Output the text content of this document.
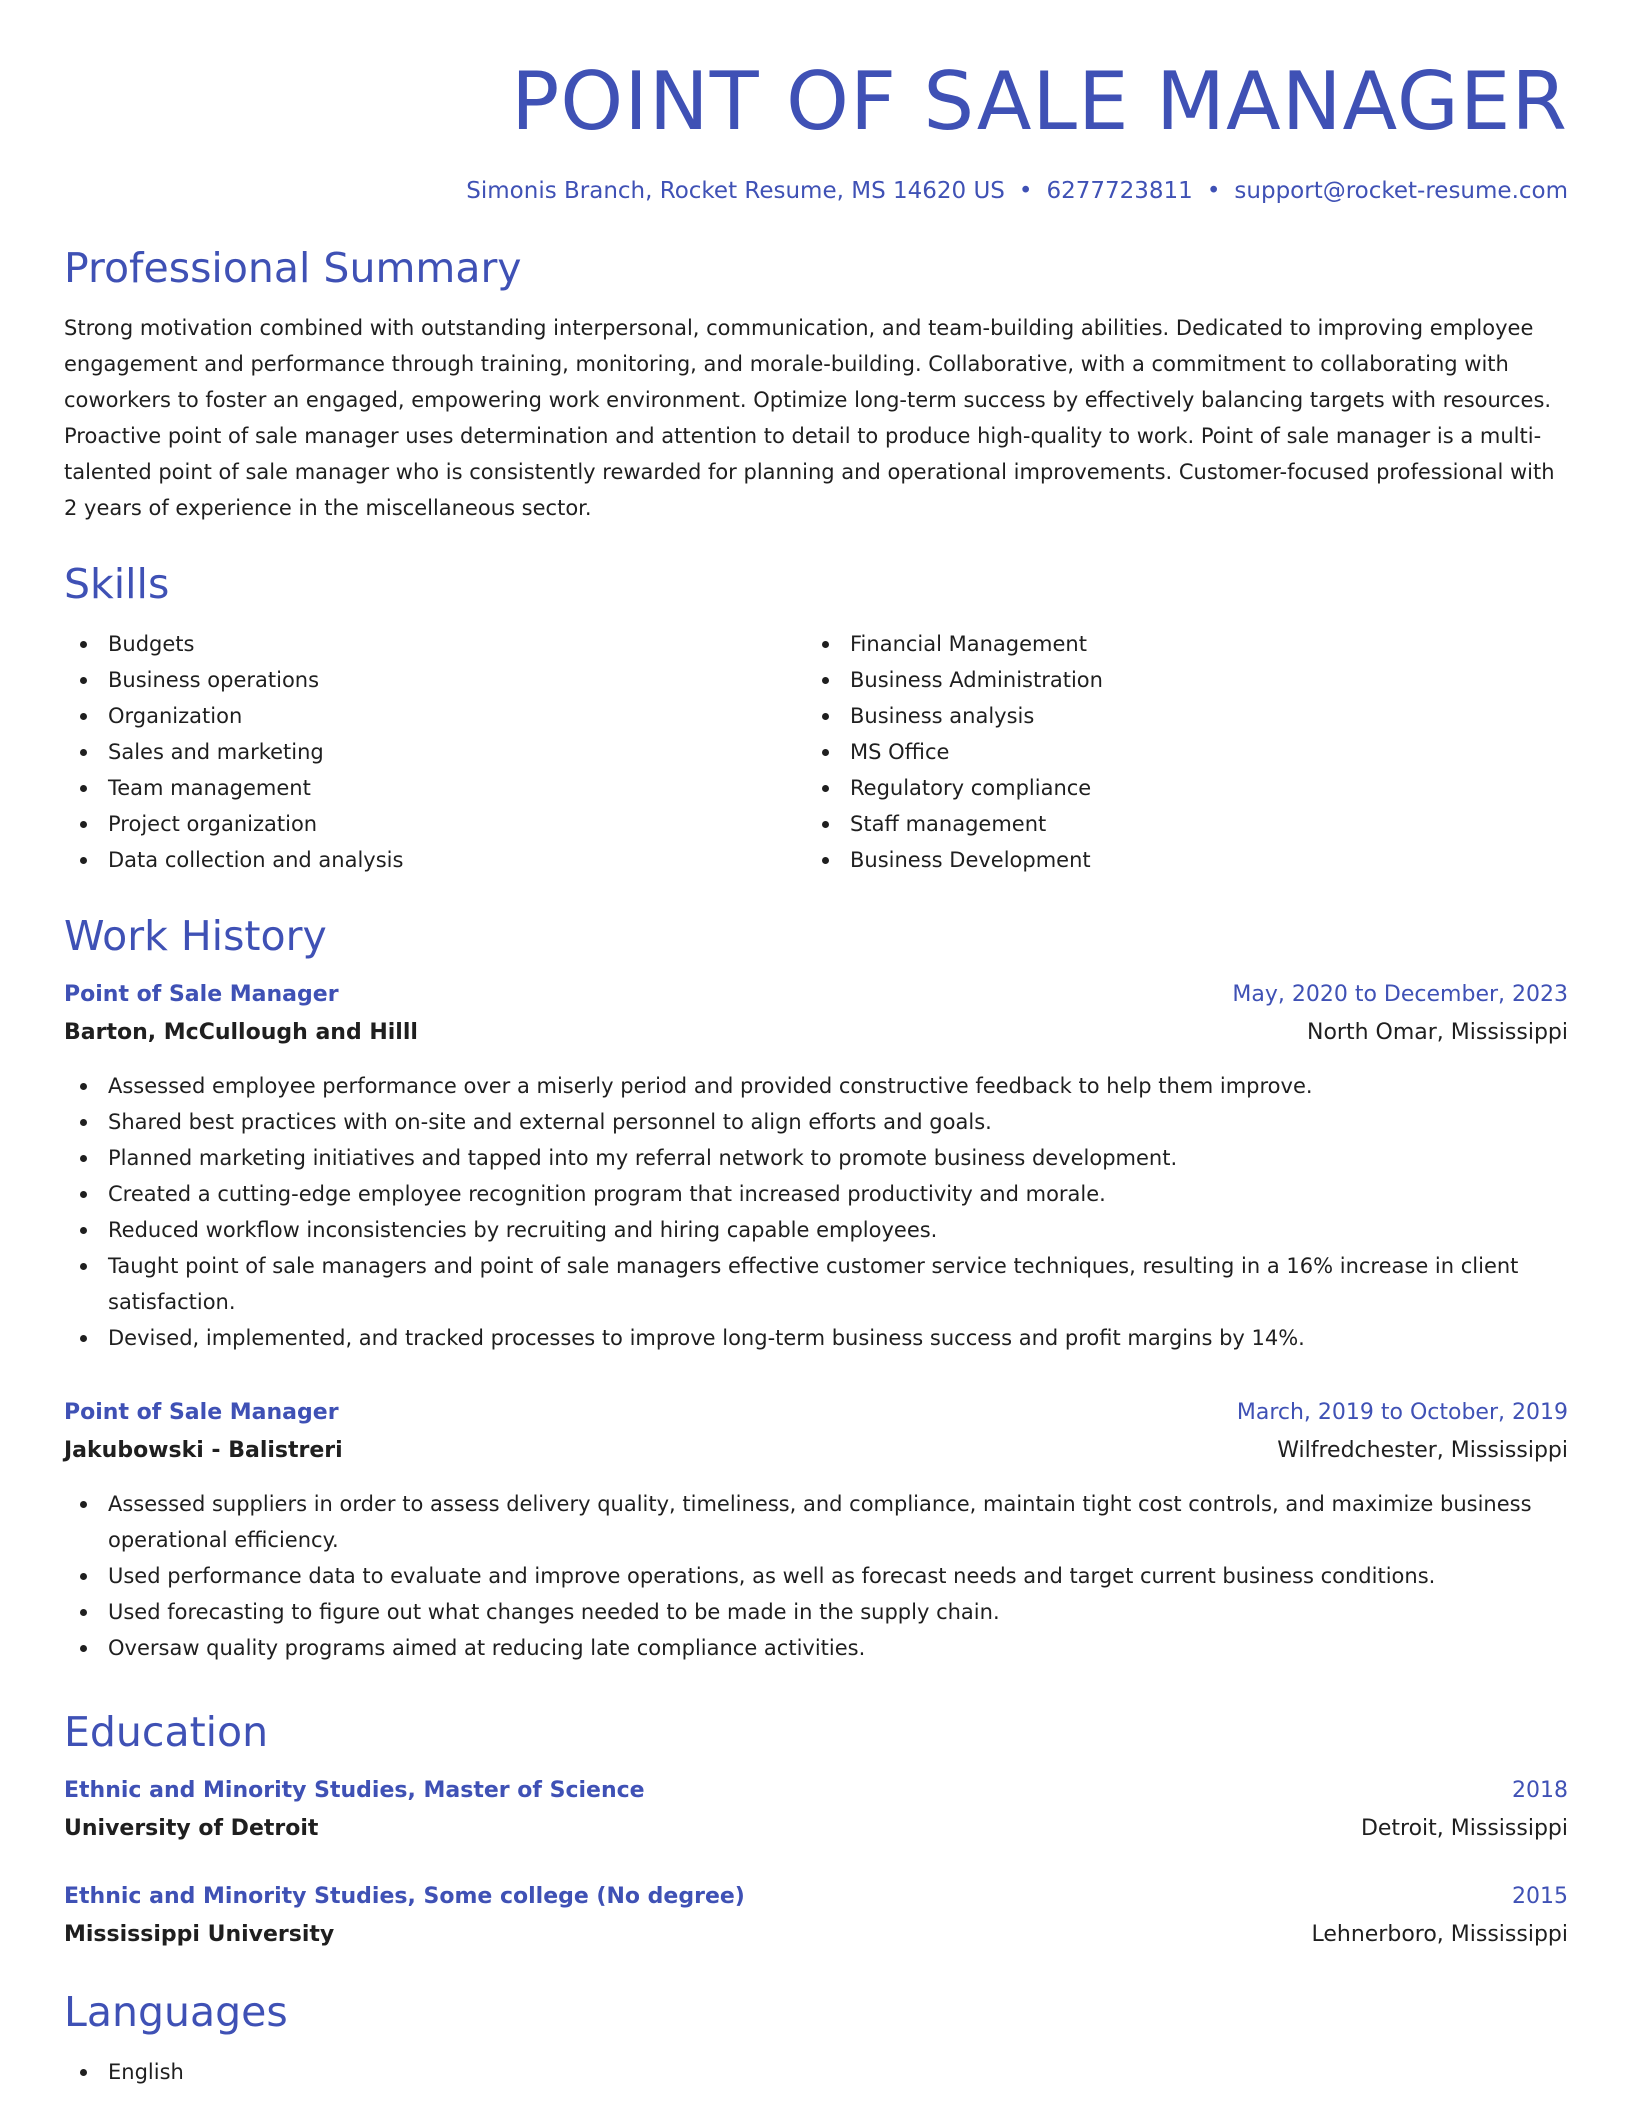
POINT OF SALE MANAGER
Simonis Branch, Rocket Resume, MS 14620 US • 6277723811 • support@rocket-resume.com
Professional Summary

Strong motivation combined with outstanding interpersonal, communication, and team-building abilities. Dedicated to improving employee engagement and performance through training, monitoring, and morale-building. Collaborative, with a commitment to collaborating with coworkers to foster an engaged, empowering work environment. Optimize long-term success by effectively balancing targets with resources. Proactive point of sale manager uses determination and attention to detail to produce high-quality to work. Point of sale manager is a multi-talented point of sale manager who is consistently rewarded for planning and operational improvements. Customer-focused professional with 2 years of experience in the miscellaneous sector.

Skills
Budgets
Business operations
Organization
Sales and marketing
Team management
Project organization
Data collection and analysis
Financial Management
Business Administration
Business analysis
MS Office
Regulatory compliance
Staff management
Business Development
Work History
Point of Sale Manager	May, 2020 to December, 2023
Barton, McCullough and Hilll	North Omar, Mississippi
Assessed employee performance over a miserly period and provided constructive feedback to help them improve.
Shared best practices with on-site and external personnel to align efforts and goals.
Planned marketing initiatives and tapped into my referral network to promote business development.
Created a cutting-edge employee recognition program that increased productivity and morale.
Reduced workflow inconsistencies by recruiting and hiring capable employees.
Taught point of sale managers and point of sale managers effective customer service techniques, resulting in a 16% increase in client satisfaction.
Devised, implemented, and tracked processes to improve long-term business success and profit margins by 14%.
Point of Sale Manager	March, 2019 to October, 2019
Jakubowski - Balistreri	Wilfredchester, Mississippi
Assessed suppliers in order to assess delivery quality, timeliness, and compliance, maintain tight cost controls, and maximize business operational efficiency.
Used performance data to evaluate and improve operations, as well as forecast needs and target current business conditions.
Used forecasting to figure out what changes needed to be made in the supply chain.
Oversaw quality programs aimed at reducing late compliance activities.
Education
Ethnic and Minority Studies, Master of Science	2018
University of Detroit	Detroit, Mississippi
Ethnic and Minority Studies, Some college (No degree)	2015
Mississippi University	Lehnerboro, Mississippi
Languages
English
